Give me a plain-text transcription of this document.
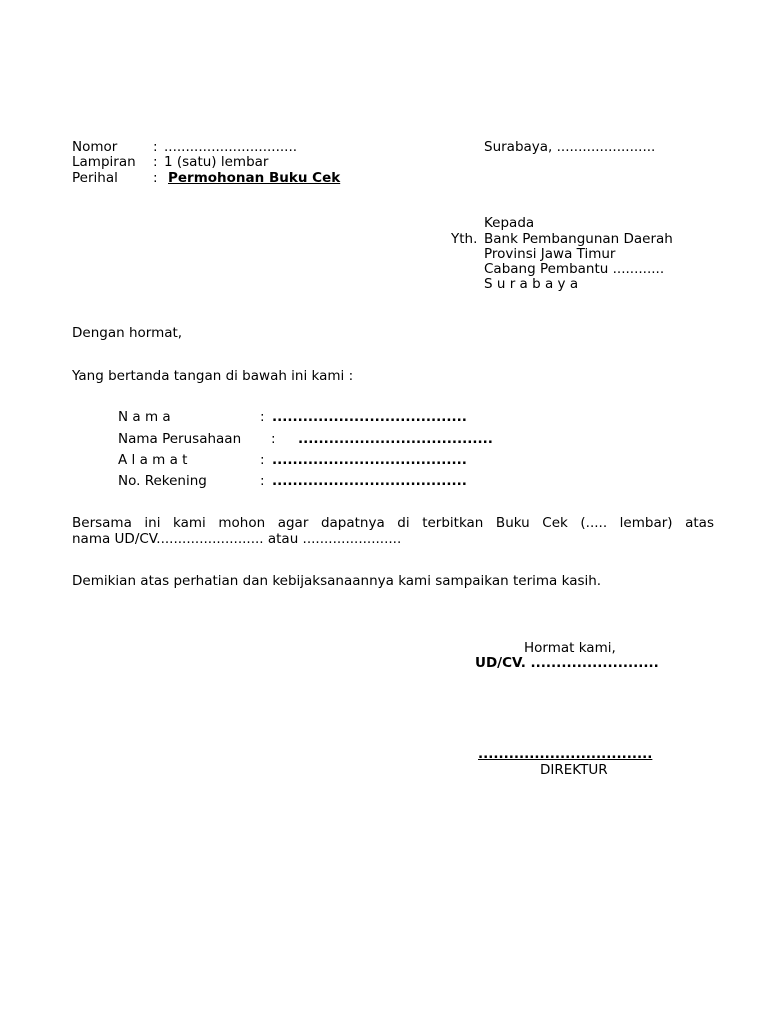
Nomor	: ...............................
Lampiran : 1 (satu) lembar
Perihal	: Permohonan Buku Cek
Surabaya, .......................
Kepada
Yth. Bank Pembangunan Daerah
Provinsi Jawa Timur
Cabang Pembantu ............
S u r a b a y a
Dengan hormat,
Yang bertanda tangan di bawah ini kami :
N a m a	: ......................................
Nama Perusahaan : ......................................
A l a m a t	: ......................................
No. Rekening	: ......................................
Bersama ini kami mohon agar dapatnya di terbitkan Buku Cek (..... lembar) atas
nama UD/CV......................... atau .......................
Demikian atas perhatian dan kebijaksanaannya kami sampaikan terima kasih.
Hormat kami,
UD/CV. .........................
..................................
DIREKTUR
